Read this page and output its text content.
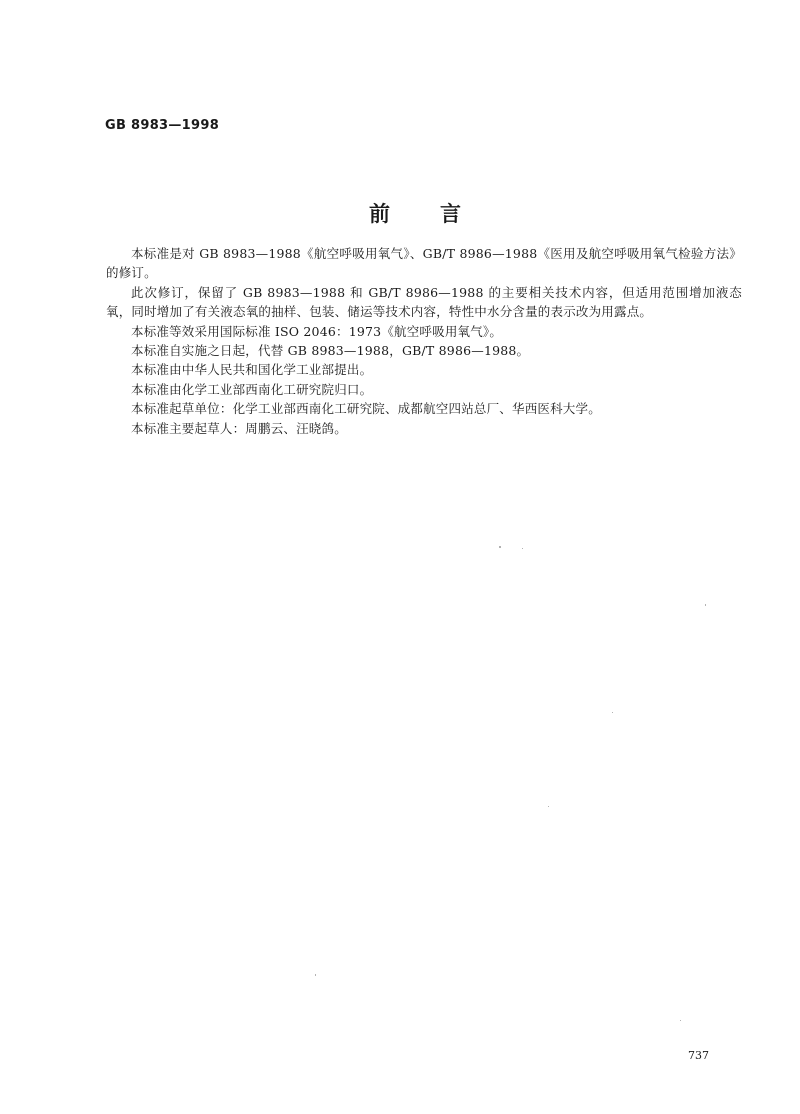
GB 8983—1998
前言

本标准是对 GB 8983—1988《航空呼吸用氧气》、GB/T 8986—1988《医用及航空呼吸用氧气检验方法》的修订。

此次修订，保留了 GB 8983—1988 和 GB/T 8986—1988 的主要相关技术内容，但适用范围增加液态氧，同时增加了有关液态氧的抽样、包装、储运等技术内容，特性中水分含量的表示改为用露点。

本标准等效采用国际标准 ISO 2046：1973《航空呼吸用氧气》。

本标准自实施之日起，代替 GB 8983—1988，GB/T 8986—1988。

本标准由中华人民共和国化学工业部提出。

本标准由化学工业部西南化工研究院归口。

本标准起草单位：化学工业部西南化工研究院、成都航空四站总厂、华西医科大学。

本标准主要起草人：周鹏云、汪晓鸽。

737
